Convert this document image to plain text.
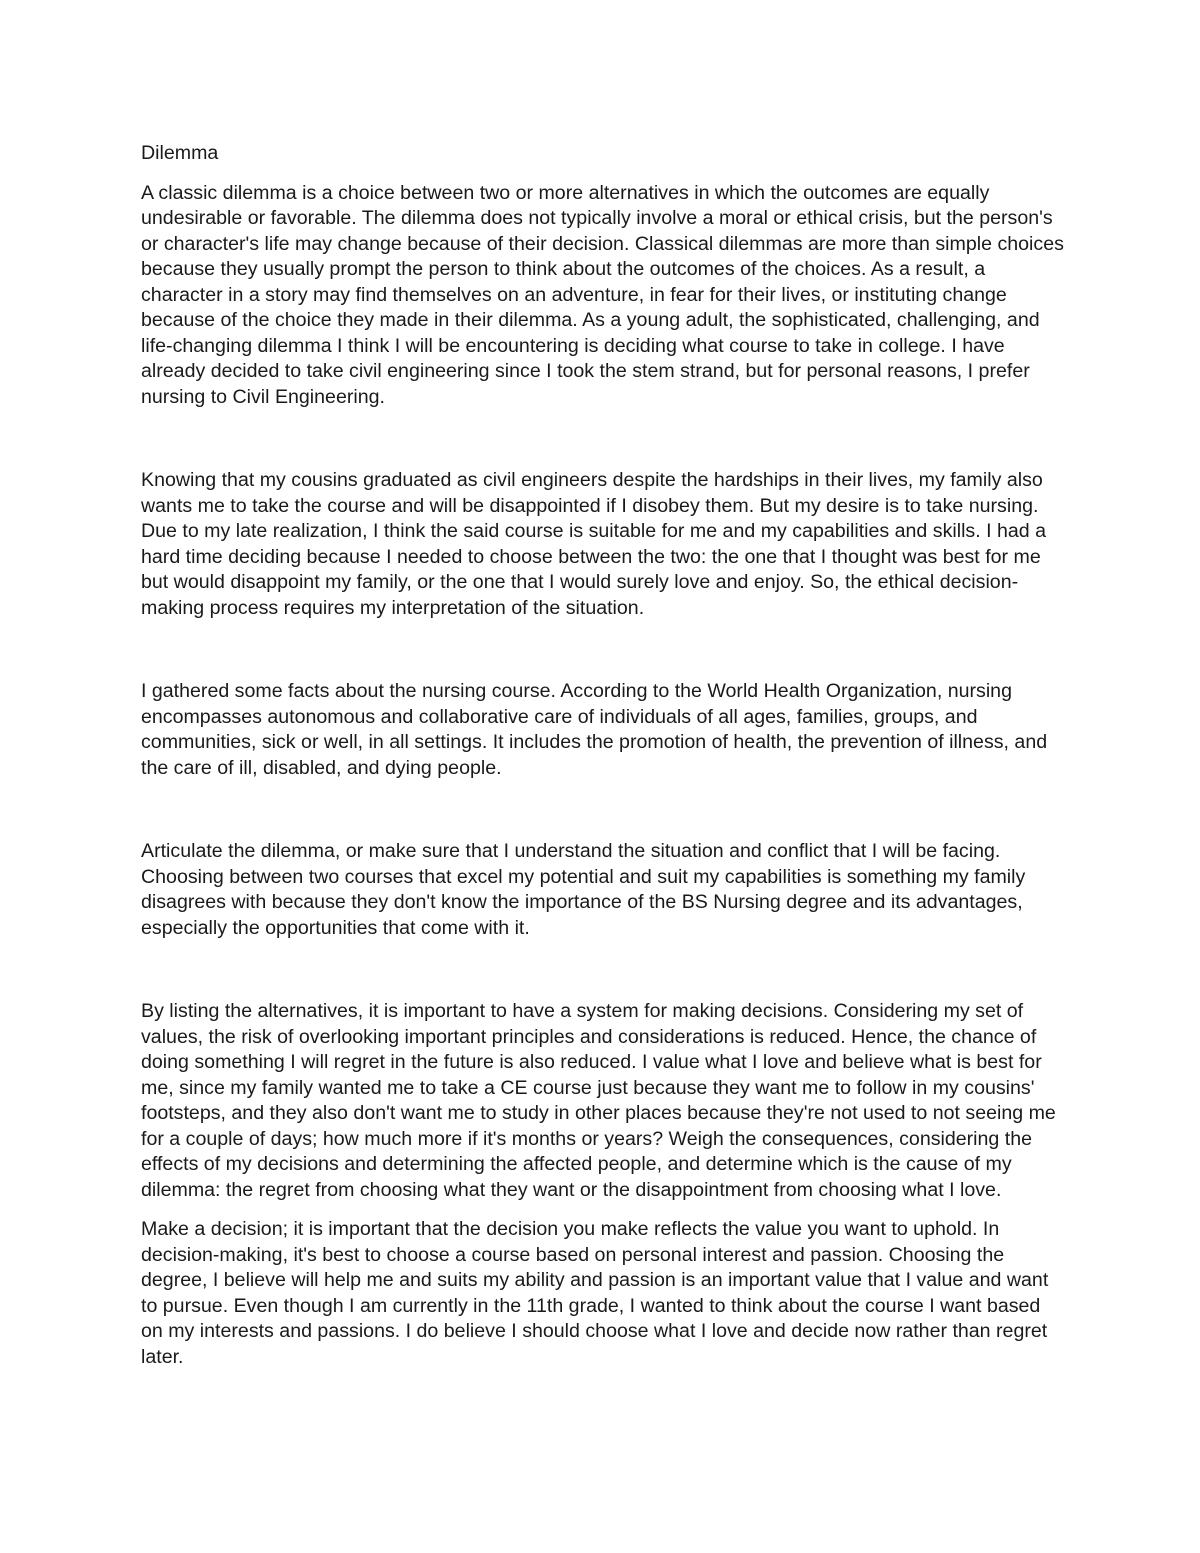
Dilemma

A classic dilemma is a choice between two or more alternatives in which the outcomes are equally undesirable or favorable. The dilemma does not typically involve a moral or ethical crisis, but the person's or character's life may change because of their decision. Classical dilemmas are more than simple choices because they usually prompt the person to think about the outcomes of the choices. As a result, a character in a story may find themselves on an adventure, in fear for their lives, or instituting change because of the choice they made in their dilemma. As a young adult, the sophisticated, challenging, and life-changing dilemma I think I will be encountering is deciding what course to take in college. I have already decided to take civil engineering since I took the stem strand, but for personal reasons, I prefer nursing to Civil Engineering.

Knowing that my cousins graduated as civil engineers despite the hardships in their lives, my family also wants me to take the course and will be disappointed if I disobey them. But my desire is to take nursing. Due to my late realization, I think the said course is suitable for me and my capabilities and skills. I had a hard time deciding because I needed to choose between the two: the one that I thought was best for me but would disappoint my family, or the one that I would surely love and enjoy. So, the ethical decision-making process requires my interpretation of the situation.

I gathered some facts about the nursing course. According to the World Health Organization, nursing encompasses autonomous and collaborative care of individuals of all ages, families, groups, and communities, sick or well, in all settings. It includes the promotion of health, the prevention of illness, and the care of ill, disabled, and dying people.

Articulate the dilemma, or make sure that I understand the situation and conflict that I will be facing. Choosing between two courses that excel my potential and suit my capabilities is something my family disagrees with because they don't know the importance of the BS Nursing degree and its advantages, especially the opportunities that come with it.

By listing the alternatives, it is important to have a system for making decisions. Considering my set of values, the risk of overlooking important principles and considerations is reduced. Hence, the chance of doing something I will regret in the future is also reduced. I value what I love and believe what is best for me, since my family wanted me to take a CE course just because they want me to follow in my cousins' footsteps, and they also don't want me to study in other places because they're not used to not seeing me for a couple of days; how much more if it's months or years? Weigh the consequences, considering the effects of my decisions and determining the affected people, and determine which is the cause of my dilemma: the regret from choosing what they want or the disappointment from choosing what I love.

Make a decision; it is important that the decision you make reflects the value you want to uphold. In decision-making, it's best to choose a course based on personal interest and passion. Choosing the degree, I believe will help me and suits my ability and passion is an important value that I value and want to pursue. Even though I am currently in the 11th grade, I wanted to think about the course I want based on my interests and passions. I do believe I should choose what I love and decide now rather than regret later.
